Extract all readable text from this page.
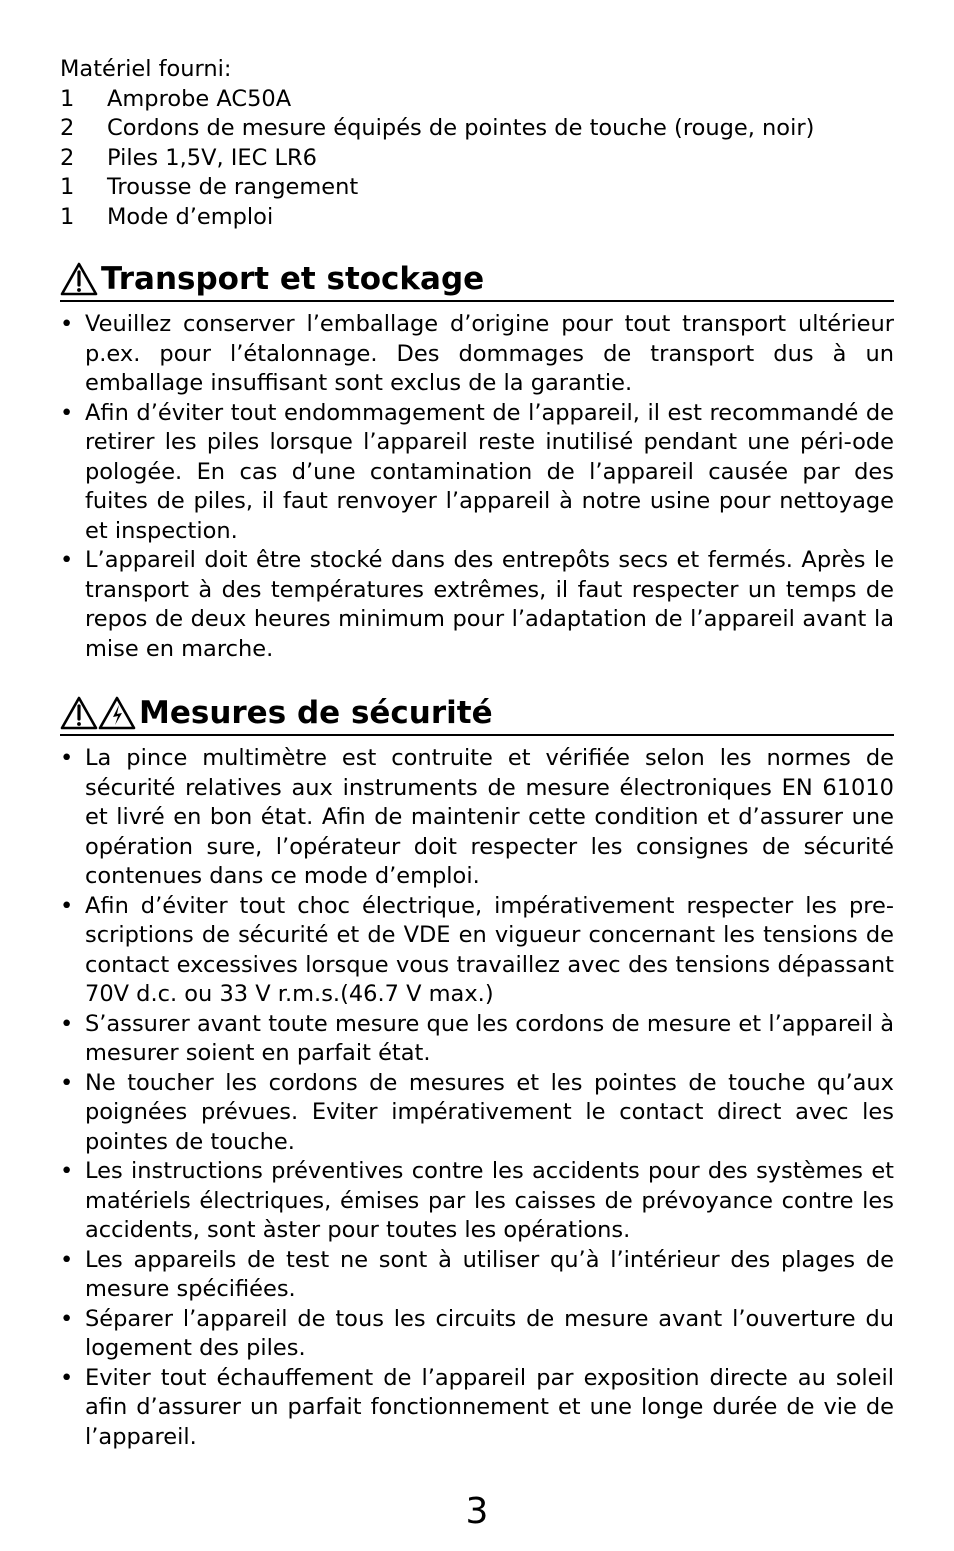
Matériel fourni:

1	Amprobe AC50A
2	Cordons de mesure équipés de pointes de touche (rouge, noir)
2	Piles 1,5V, IEC LR6
1	Trousse de rangement
1	Mode d’emploi
Transport et stockage
• Veuillez conserver l’emballage d’origine pour tout transport ultérieur p.ex. pour l’étalonnage. Des dommages de transport dus à un emballage insuffisant sont exclus de la garantie.
• Afin d’éviter tout endommagement de l’appareil, il est recommandé de retirer les piles lorsque l’appareil reste inutilisé pendant une péri-ode pologée. En cas d’une contamination de l’appareil causée par des fuites de piles, il faut renvoyer l’appareil à notre usine pour nettoyage et inspection.
• L’appareil doit être stocké dans des entrepôts secs et fermés. Après le transport à des températures extrêmes, il faut respecter un temps de repos de deux heures minimum pour l’adaptation de l’appareil avant la mise en marche.
Mesures de sécurité
• La pince multimètre est contruite et vérifiée selon les normes de sécurité relatives aux instruments de mesure électroniques EN 61010 et livré en bon état. Afin de maintenir cette condition et d’assurer une opération sure, l’opérateur doit respecter les consignes de sécurité contenues dans ce mode d’emploi.
• Afin d’éviter tout choc électrique, impérativement respecter les pre-scriptions de sécurité et de VDE en vigueur concernant les tensions de contact excessives lorsque vous travaillez avec des tensions dépassant 70V d.c. ou 33 V r.m.s.(46.7 V max.)
• S’assurer avant toute mesure que les cordons de mesure et l’appareil à mesurer soient en parfait état.
• Ne toucher les cordons de mesures et les pointes de touche qu’aux poignées prévues. Eviter impérativement le contact direct avec les pointes de touche.
• Les instructions préventives contre les accidents pour des systèmes et matériels électriques, émises par les caisses de prévoyance contre les accidents, sont àster pour toutes les opérations.
• Les appareils de test ne sont à utiliser qu’à l’intérieur des plages de mesure spécifiées.
• Séparer l’appareil de tous les circuits de mesure avant l’ouverture du logement des piles.
• Eviter tout échauffement de l’appareil par exposition directe au soleil afin d’assurer un parfait fonctionnement et une longe durée de vie de l’appareil.
3
